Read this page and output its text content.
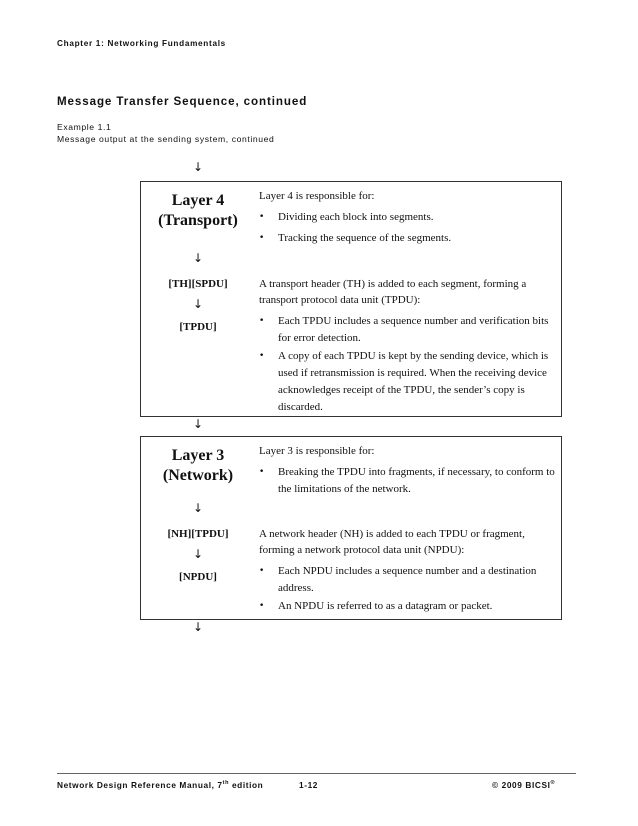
Chapter 1: Networking Fundamentals
Message Transfer Sequence, continued
Example 1.1
Message output at the sending system, continued
↓
Layer 4
(Transport)
↓
[TH][SPDU]
↓
[TPDU]
Layer 4 is responsible for:
• Dividing each block into segments.
• Tracking the sequence of the segments.
A transport header (TH) is added to each segment, forming a transport protocol data unit (TPDU):
• Each TPDU includes a sequence number and verification bits for error detection.
• A copy of each TPDU is kept by the sending device, which is used if retransmission is required. When the receiving device acknowledges receipt of the TPDU, the sender’s copy is discarded.
↓
Layer 3
(Network)
↓
[NH][TPDU]
↓
[NPDU]
Layer 3 is responsible for:
• Breaking the TPDU into fragments, if necessary, to conform to the limitations of the network.
A network header (NH) is added to each TPDU or fragment, forming a network protocol data unit (NPDU):
• Each NPDU includes a sequence number and a destination address.
• An NPDU is referred to as a datagram or packet.
↓
Network Design Reference Manual, 7th edition	1-12	© 2009 BICSI®
